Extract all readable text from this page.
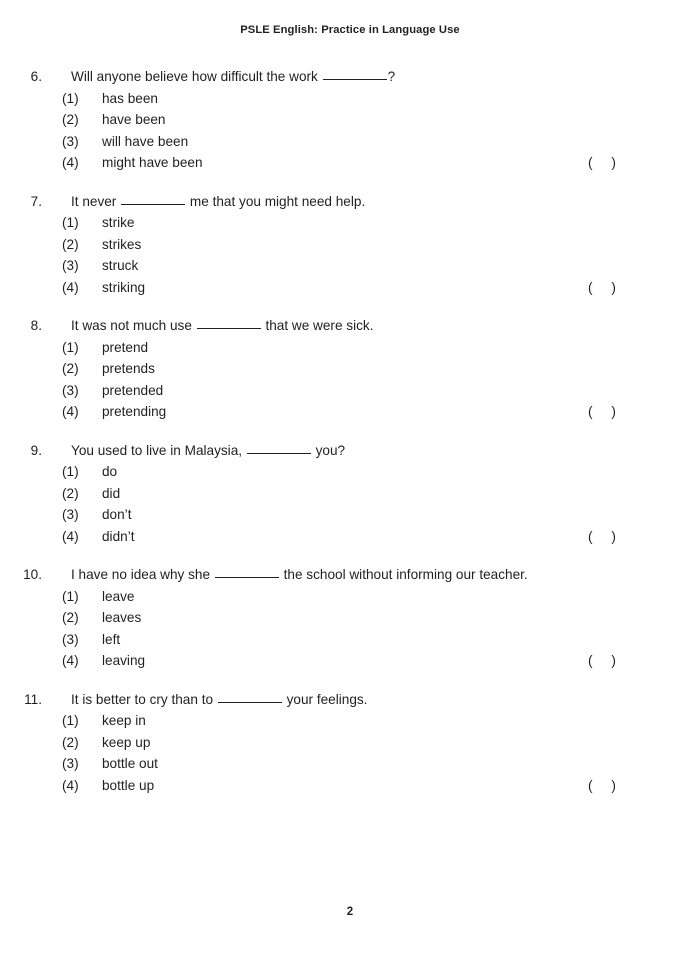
PSLE English: Practice in Language Use
6. Will anyone believe how difficult the work
	?
(1)	has been
(2)	have been
(3)	will have been
(4)	might have been	(     )
7. It never

	me that you might need help.
(1)	strike
(2)	strikes
(3)	struck
(4)	striking	(     )
8. It was not much use

	that we were sick.
(1)	pretend
(2)	pretends
(3)	pretended
(4)	pretending	(     )
9. You used to live in Malaysia,

	you?
(1)	do
(2)	did
(3)	don’t
(4)	didn’t	(     )
10. I have no idea why she

	the school without informing our teacher.
(1)	leave
(2)	leaves
(3)	left
(4)	leaving	(     )
11. It is better to cry than to

	your feelings.
(1)	keep in
(2)	keep up
(3)	bottle out
(4)	bottle up	(     )
2
